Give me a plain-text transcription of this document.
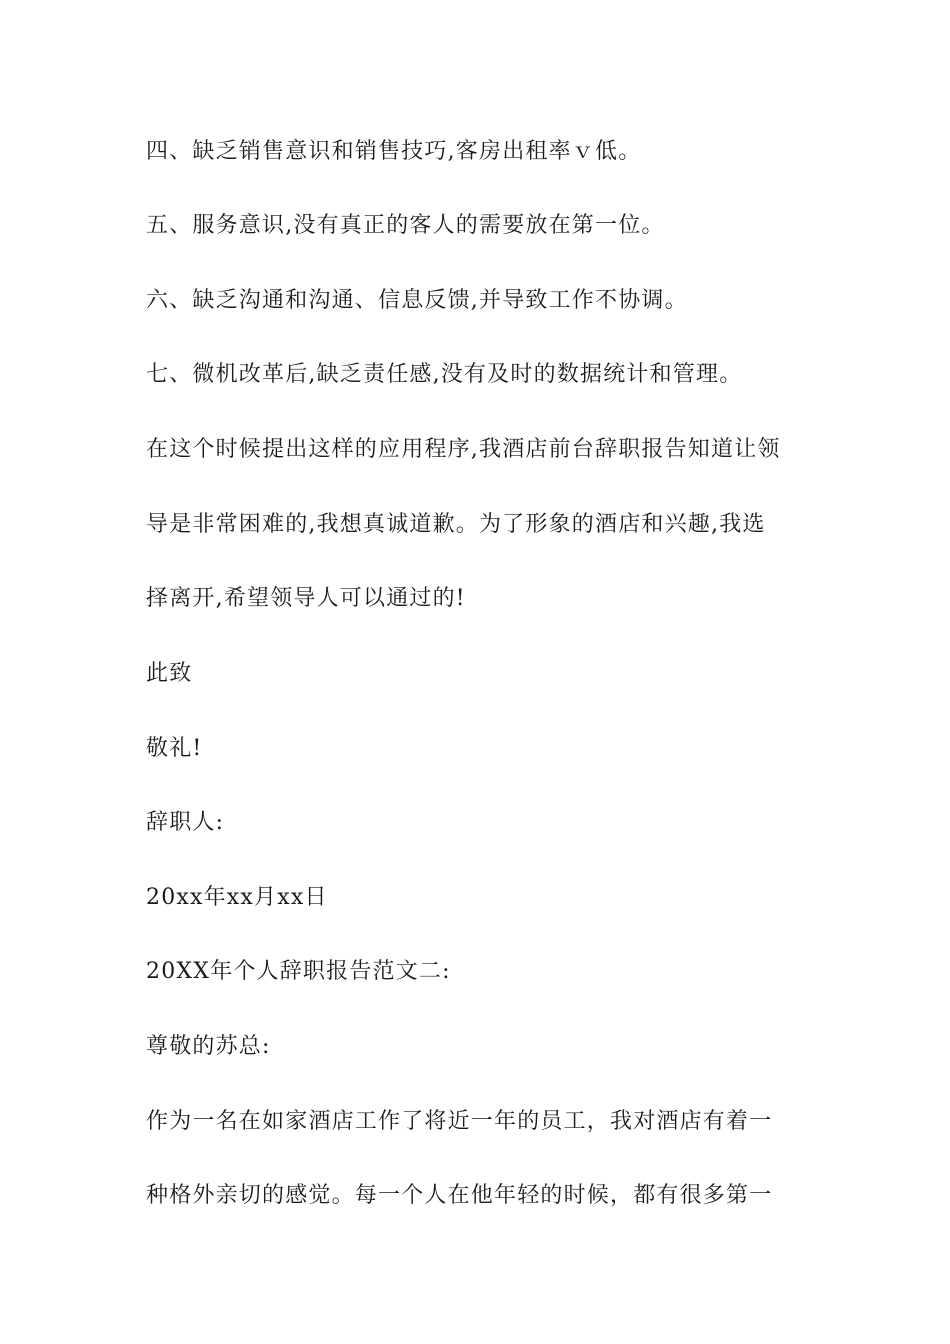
四、缺乏销售意识和销售技巧,客房出租率ｖ低。
五、服务意识,没有真正的客人的需要放在第一位。
六、缺乏沟通和沟通、信息反馈,并导致工作不协调。
七、微机改革后,缺乏责任感,没有及时的数据统计和管理。
在这个时候提出这样的应用程序,我酒店前台辞职报告知道让领
导是非常困难的,我想真诚道歉。为了形象的酒店和兴趣,我选
择离开,希望领导人可以通过的!
此致
敬礼!
辞职人:
20xx年xx月xx日
20XX年个人辞职报告范文二:
尊敬的苏总:
作为一名在如家酒店工作了将近一年的员工，我对酒店有着一
种格外亲切的感觉。每一个人在他年轻的时候，都有很多第一
